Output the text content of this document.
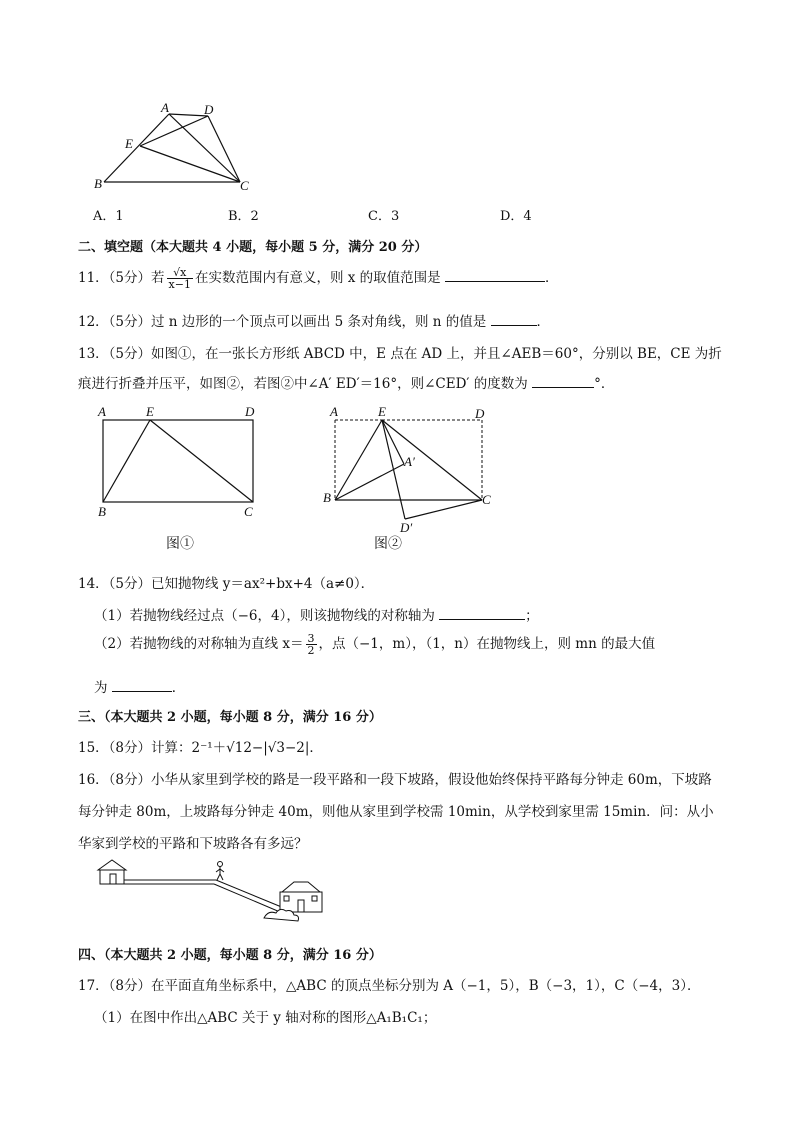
A	D
E
B	C
A．1	B．2	C．3	D．4
二、填空题（本大题共 4 小题，每小题 5 分，满分 20 分）
11．（5分）若 $\frac{√x}{x-1}$ 在实数范围内有意义，则 x 的取值范围是	．
12．（5分）过 n 边形的一个顶点可以画出 5 条对角线，则 n 的值是	．
13．（5分）如图①，在一张长方形纸 ABCD 中，E 点在 AD 上，并且∠AEB＝60°，分别以 BE，CE 为折
痕进行折叠并压平，如图②，若图②中∠A′ ED′＝16°，则∠CED′ 的度数为	°．
A	E	D
B	C
图①
A	E	D
A′
B	C
D′
图②
14．（5分）已知抛物线 y＝ax²+bx+4（a≠0）．
（1）若抛物线经过点（−6，4），则该抛物线的对称轴为	；
（2）若抛物线的对称轴为直线 $x= \frac{3}{2}$ ，点（−1，m），（1，n）在抛物线上，则 mn 的最大值
为	．
三、（本大题共 2 小题，每小题 8 分，满分 16 分）
15．（8分）计算：2⁻¹＋√12−|√3−2|．
16．（8分）小华从家里到学校的路是一段平路和一段下坡路，假设他始终保持平路每分钟走 60m，下坡路
每分钟走 80m，上坡路每分钟走 40m，则他从家里到学校需 10min，从学校到家里需 15min．问：从小
华家到学校的平路和下坡路各有多远？
四、（本大题共 2 小题，每小题 8 分，满分 16 分）
17．（8分）在平面直角坐标系中，△ABC 的顶点坐标分别为 A（−1，5），B（−3，1），C（−4，3）．
（1）在图中作出△ABC 关于 y 轴对称的图形△A₁B₁C₁；
